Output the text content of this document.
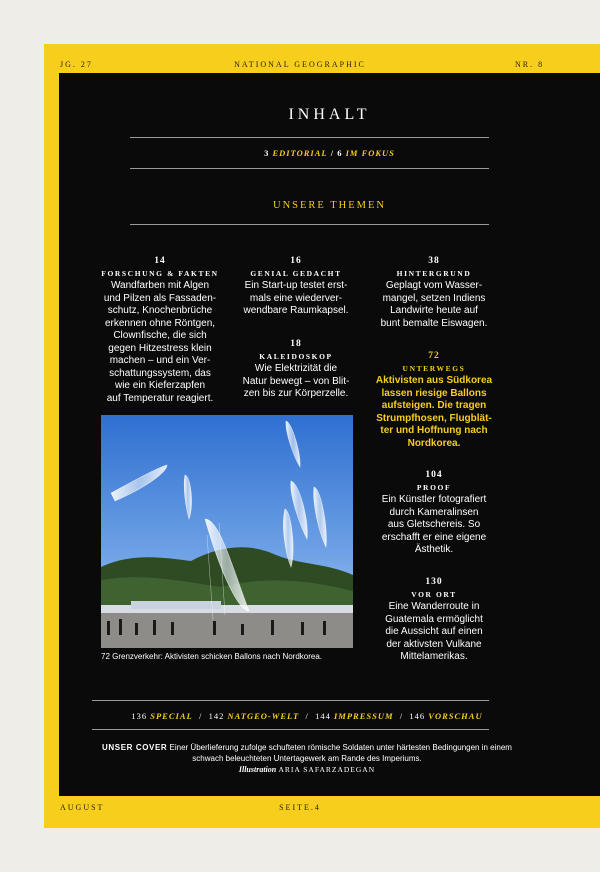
JG. 27	NATIONAL GEOGRAPHIC	NR. 8
INHALT
3 EDITORIAL / 6 IM FOKUS
UNSERE THEMEN
14
FORSCHUNG & FAKTEN
Wandfarben mit Algen
und Pilzen als Fassaden-
schutz, Knochenbrüche
erkennen ohne Röntgen,
Clownfische, die sich
gegen Hitzestress klein
machen – und ein Ver-
schattungssystem, das
wie ein Kieferzapfen
auf Temperatur reagiert.
16
GENIAL GEDACHT
Ein Start-up testet erst-
mals eine wiederver-
wendbare Raumkapsel.
18
KALEIDOSKOP
Wie Elektrizität die
Natur bewegt – von Blit-
zen bis zur Körperzelle.
38
HINTERGRUND
Geplagt vom Wasser-
mangel, setzen Indiens
Landwirte heute auf
bunt bemalte Eiswagen.
72
UNTERWEGS
Aktivisten aus Südkorea
lassen riesige Ballons
aufsteigen. Die tragen
Strumpfhosen, Flugblät-
ter und Hoffnung nach
Nordkorea.
104
PROOF
Ein Künstler fotografiert
durch Kameralinsen
aus Gletschereis. So
erschafft er eine eigene
Ästhetik.
130
VOR ORT
Eine Wanderroute in
Guatemala ermöglicht
die Aussicht auf einen
der aktivsten Vulkane
Mittelamerikas.
72 Grenzverkehr: Aktivisten schicken Ballons nach Nordkorea.
136 SPECIAL  /  142 NATGEO-WELT  /  144 IMPRESSUM  /  146 VORSCHAU
UNSER COVER Einer Überlieferung zufolge schufteten römische Soldaten unter härtesten Bedingungen in einem schwach beleuchteten Untertagewerk am Rande des Imperiums.
Illustration ARIA SAFARZADEGAN
AUGUST	SEITE.4
